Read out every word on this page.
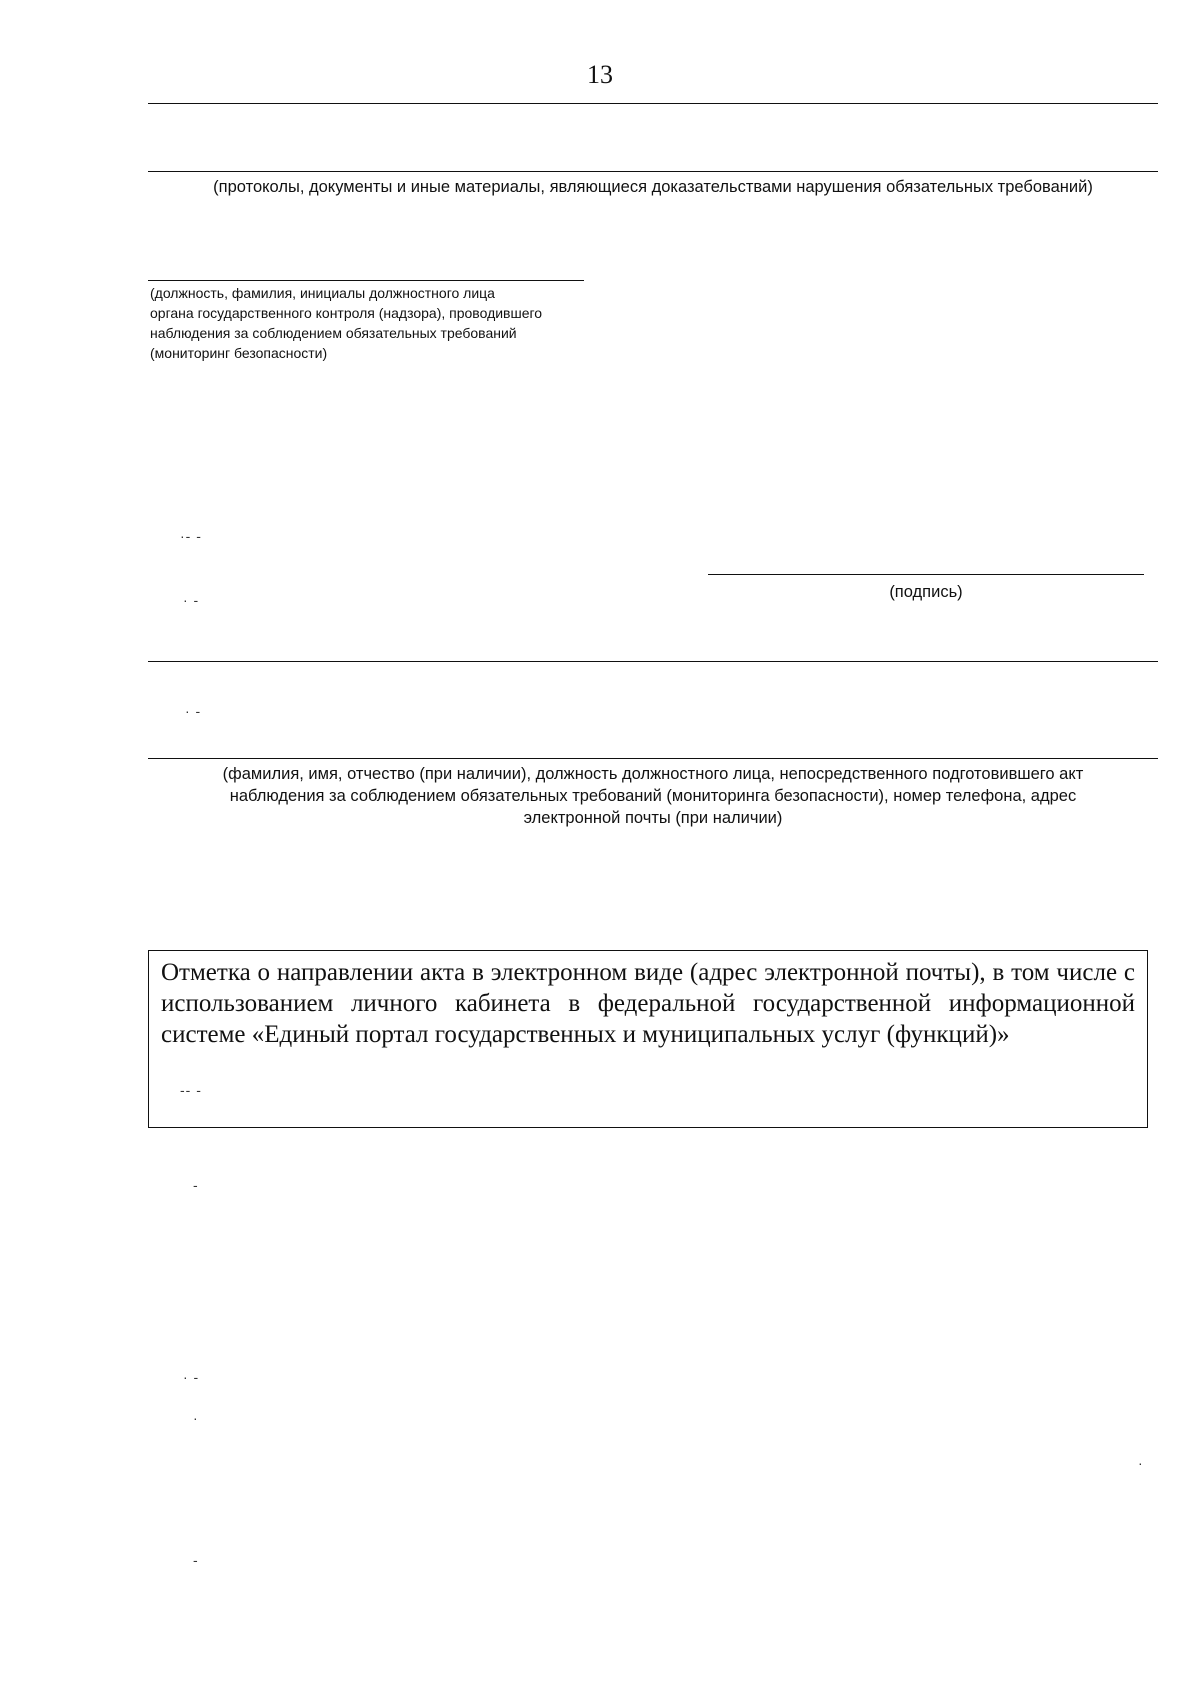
13
(протоколы, документы и иные материалы, являющиеся доказательствами нарушения обязательных требований)
(должность, фамилия, инициалы должностного лица
органа государственного контроля (надзора), проводившего
наблюдения за соблюдением обязательных требований
(мониторинг безопасности)
(подпись)
(фамилия, имя, отчество (при наличии), должность должностного лица, непосредственного подготовившего акт
наблюдения за соблюдением обязательных требований (мониторинга безопасности), номер телефона, адрес
электронной почты (при наличии)

Отметка о направлении акта в электронном виде (адрес электронной почты), в том числе с использованием личного кабинета в федеральной государственной информационной системе «Единый портал государственных и муниципальных услуг (функций)»

·- -
· -
· -
-- -
-
· -
·
·
-
